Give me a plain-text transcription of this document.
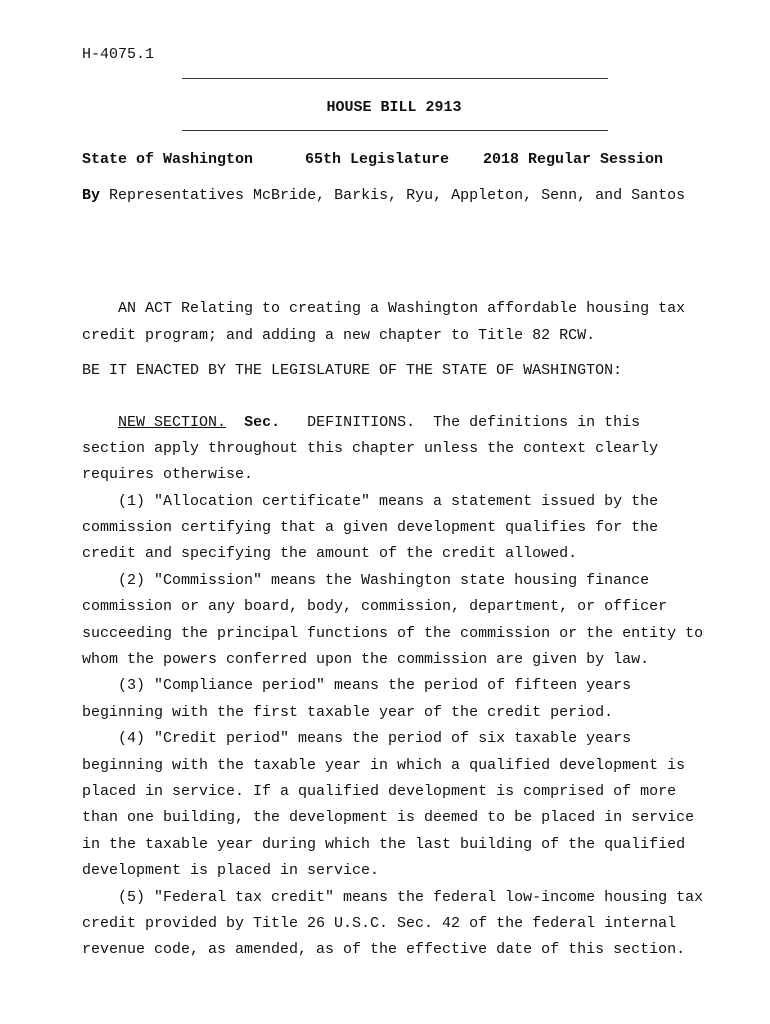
H-4075.1
HOUSE BILL 2913
State of Washington	65th Legislature 2018 Regular Session
By Representatives McBride, Barkis, Ryu, Appleton, Senn, and Santos
AN ACT Relating to creating a Washington affordable housing tax
credit program; and adding a new chapter to Title 82 RCW.
BE IT ENACTED BY THE LEGISLATURE OF THE STATE OF WASHINGTON:
NEW SECTION. Sec.   DEFINITIONS.  The definitions in this
section apply throughout this chapter unless the context clearly
requires otherwise.
(1) "Allocation certificate" means a statement issued by the
commission certifying that a given development qualifies for the
credit and specifying the amount of the credit allowed.
(2) "Commission" means the Washington state housing finance
commission or any board, body, commission, department, or officer
succeeding the principal functions of the commission or the entity to
whom the powers conferred upon the commission are given by law.
(3) "Compliance period" means the period of fifteen years
beginning with the first taxable year of the credit period.
(4) "Credit period" means the period of six taxable years
beginning with the taxable year in which a qualified development is
placed in service. If a qualified development is comprised of more
than one building, the development is deemed to be placed in service
in the taxable year during which the last building of the qualified
development is placed in service.
(5) "Federal tax credit" means the federal low-income housing tax
credit provided by Title 26 U.S.C. Sec. 42 of the federal internal
revenue code, as amended, as of the effective date of this section.
